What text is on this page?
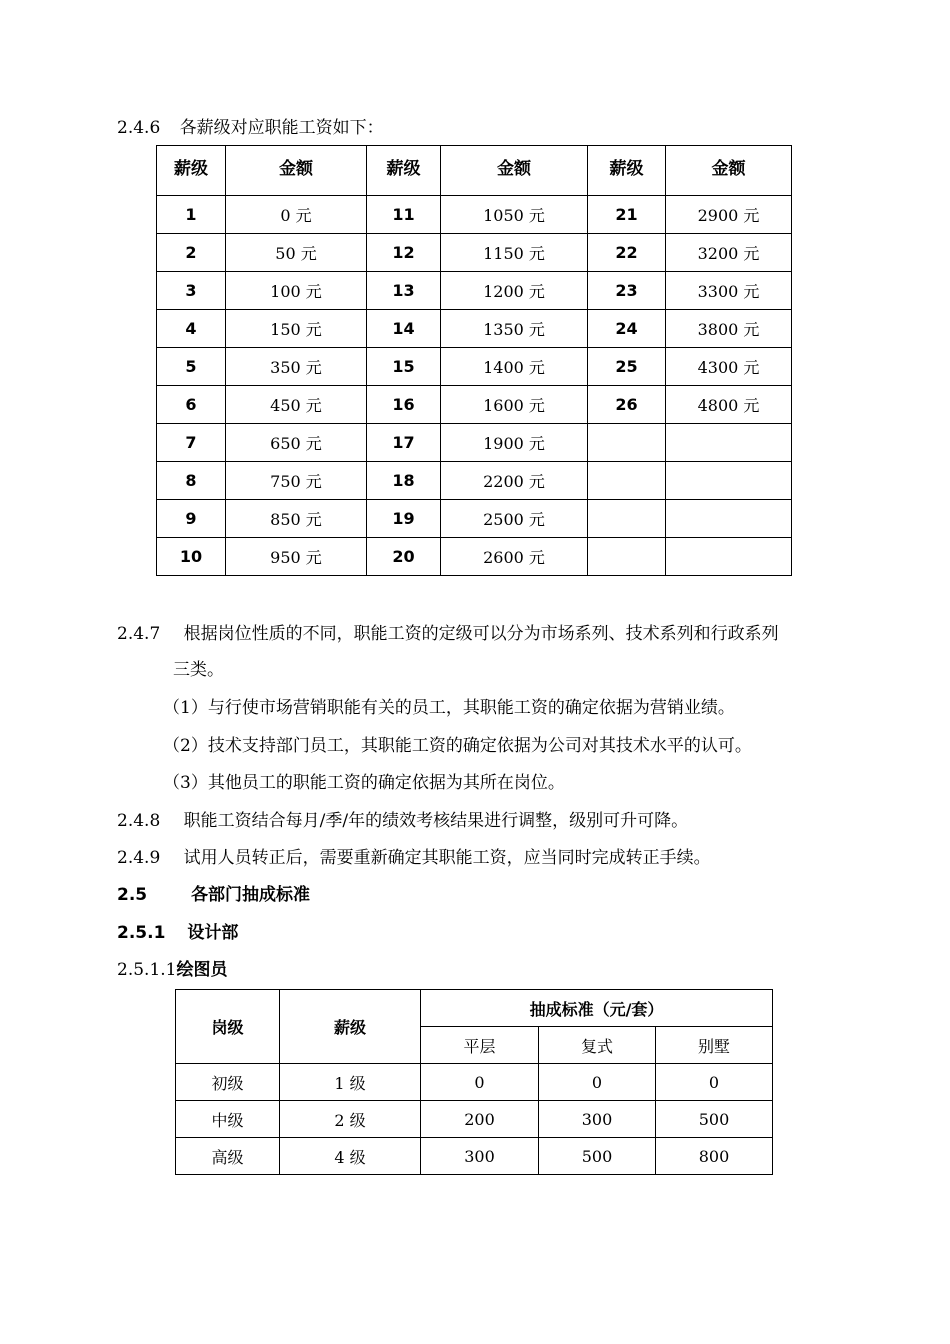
2.4.6 各薪级对应职能工资如下：
薪级	金额	薪级	金额	薪级	金额
1	0 元	11	1050 元	21	2900 元
2	50 元	12	1150 元	22	3200 元
3	100 元	13	1200 元	23	3300 元
4	150 元	14	1350 元	24	3800 元
5	350 元	15	1400 元	25	4300 元
6	450 元	16	1600 元	26	4800 元
7	650 元	17	1900 元		
8	750 元	18	2200 元		
9	850 元	19	2500 元		
10	950 元	20	2600 元		
2.4.7 根据岗位性质的不同，职能工资的定级可以分为市场系列、技术系列和行政系列
三类。
（1）与行使市场营销职能有关的员工，其职能工资的确定依据为营销业绩。
（2）技术支持部门员工，其职能工资的确定依据为公司对其技术水平的认可。
（3）其他员工的职能工资的确定依据为其所在岗位。
2.4.8 职能工资结合每月/季/年的绩效考核结果进行调整，级别可升可降。
2.4.9 试用人员转正后，需要重新确定其职能工资，应当同时完成转正手续。
2.5	各部门抽成标准
2.5.1 设计部
2.5.1.1绘图员
岗级	薪级	抽成标准（元/套）		
		平层	复式	别墅
初级	1 级	0	0	0
中级	2 级	200	300	500
高级	4 级	300	500	800
